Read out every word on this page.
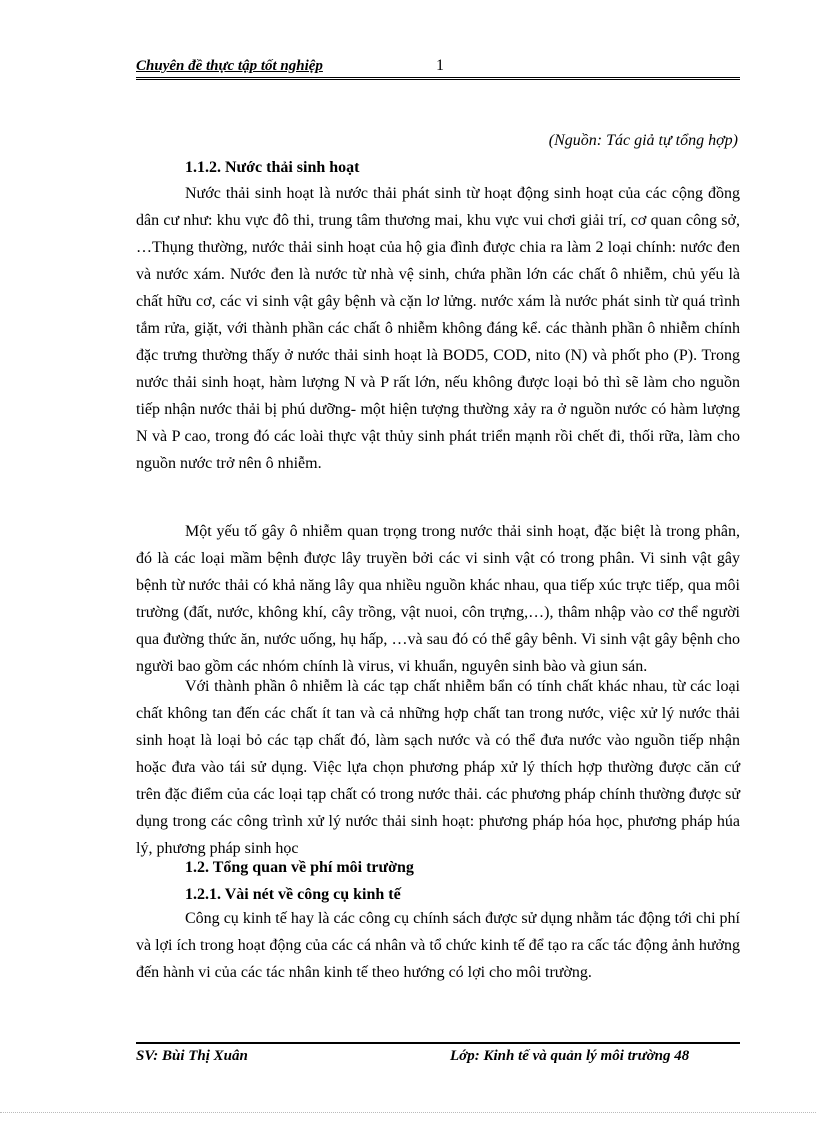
Chuyên đề thực tập tốt nghiệp	1
(Nguồn: Tác giả tự tổng hợp)
1.1.2. Nước thải sinh hoạt

Nước thải sinh hoạt là nước thải phát sinh từ hoạt động sinh hoạt của các cộng đồng dân cư như: khu vực đô thi, trung tâm thương mai, khu vực vui chơi giải trí, cơ quan công sở, …Thụng thường, nước thải sinh hoạt của hộ gia đình được chia ra làm 2 loại chính: nước đen và nước xám. Nước đen là nước từ nhà vệ sinh, chứa phần lớn các chất ô nhiễm, chủ yếu là chất hữu cơ, các vi sinh vật gây bệnh và cặn lơ lửng. nước xám là nước phát sinh từ quá trình tắm rửa, giặt, với thành phần các chất ô nhiễm không đáng kể. các thành phần ô nhiễm chính đặc trưng thường thấy ở nước thải sinh hoạt là BOD5, COD, nito (N) và phốt pho (P). Trong nước thải sinh hoạt, hàm lượng N và P rất lớn, nếu không được loại bỏ thì sẽ làm cho nguồn tiếp nhận nước thải bị phú dưỡng- một hiện tượng thường xảy ra ở nguồn nước có hàm lượng N và P cao, trong đó các loài thực vật thủy sinh phát triển mạnh rồi chết đi, thối rữa, làm cho nguồn nước trở nên ô nhiễm.

Một yếu tố gây ô nhiễm quan trọng trong nước thải sinh hoạt, đặc biệt là trong phân, đó là các loại mầm bệnh được lây truyền bởi các vi sinh vật có trong phân. Vi sinh vật gây bệnh từ nước thải có khả năng lây qua nhiều nguồn khác nhau, qua tiếp xúc trực tiếp, qua môi trường (đất, nước, không khí, cây trồng, vật nuoi, côn trựng,…), thâm nhập vào cơ thể người qua đường thức ăn, nước uống, hụ hấp, …và sau đó có thể gây bênh. Vi sinh vật gây bệnh cho người bao gồm các nhóm chính là virus, vi khuẩn, nguyên sinh bào và giun sán.

Với thành phần ô nhiễm là các tạp chất nhiễm bẩn có tính chất khác nhau, từ các loại chất không tan đến các chất ít tan và cả những hợp chất tan trong nước, việc xử lý nước thải sinh hoạt là loại bỏ các tạp chất đó, làm sạch nước và có thể đưa nước vào nguồn tiếp nhận hoặc đưa vào tái sử dụng. Việc lựa chọn phương pháp xử lý thích hợp thường được căn cứ trên đặc điểm của các loại tạp chất có trong nước thải. các phương pháp chính thường được sử dụng trong các công trình xử lý nước thải sinh hoạt: phương pháp hóa học, phương pháp húa lý, phương pháp sinh học

1.2. Tổng quan về phí môi trường
1.2.1. Vài nét về công cụ kinh tế

Công cụ kinh tế hay là các công cụ chính sách được sử dụng nhằm tác động tới chi phí và lợi ích trong hoạt động của các cá nhân và tổ chức kinh tế để tạo ra cấc tác động ảnh hưởng đến hành vi của các tác nhân kinh tế theo hướng có lợi cho môi trường.

SV: Bùi Thị Xuân	Lớp: Kinh tế và quản lý môi trường 48
